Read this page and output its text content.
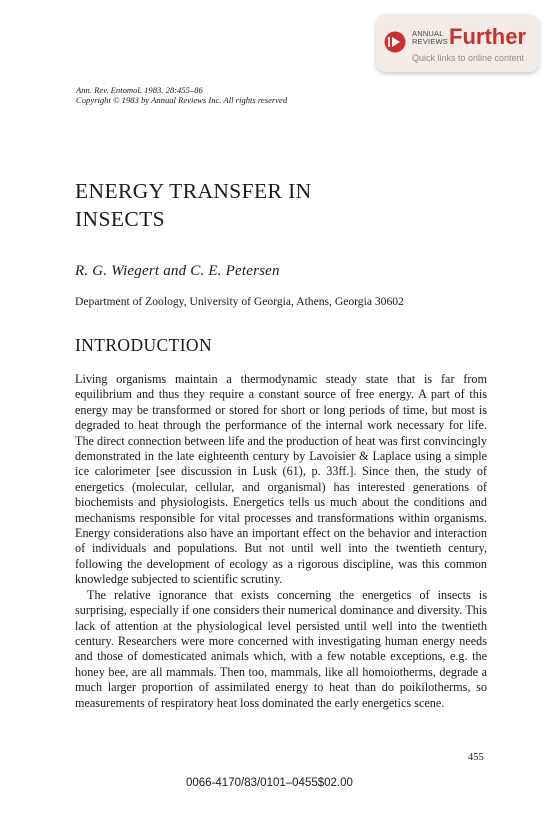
ANNUAL
REVIEWS Further
Quick links to online content
Ann. Rev. Entomol. 1983. 28:455–86
Copyright © 1983 by Annual Reviews Inc. All rights reserved
ENERGY TRANSFER IN
INSECTS
R. G. Wiegert and C. E. Petersen
Department of Zoology, University of Georgia, Athens, Georgia 30602
INTRODUCTION

Living organisms maintain a thermodynamic steady state that is far from equilibrium and thus they require a constant source of free energy. A part of this energy may be transformed or stored for short or long periods of time, but most is degraded to heat through the performance of the internal work necessary for life. The direct connection between life and the production of heat was first convincingly demonstrated in the late eighteenth century by Lavoisier & Laplace using a simple ice calorimeter [see discussion in Lusk (61), p. 33ff.]. Since then, the study of energetics (molecular, cellular, and organismal) has interested generations of biochemists and physiologists. Energetics tells us much about the conditions and mechanisms responsible for vital processes and transformations within organisms. Energy considerations also have an important effect on the behavior and interaction of individuals and populations. But not until well into the twentieth century, following the development of ecology as a rigorous discipline, was this common knowledge subjected to scientific scrutiny.

The relative ignorance that exists concerning the energetics of insects is surprising, especially if one considers their numerical dominance and diversity. This lack of attention at the physiological level persisted until well into the twentieth century. Researchers were more concerned with investigating human energy needs and those of domesticated animals which, with a few notable exceptions, e.g. the honey bee, are all mammals. Then too, mammals, like all homoiotherms, degrade a much larger proportion of assimilated energy to heat than do poikilotherms, so measurements of respiratory heat loss dominated the early energetics scene.

455
0066-4170/83/0101–0455$02.00
